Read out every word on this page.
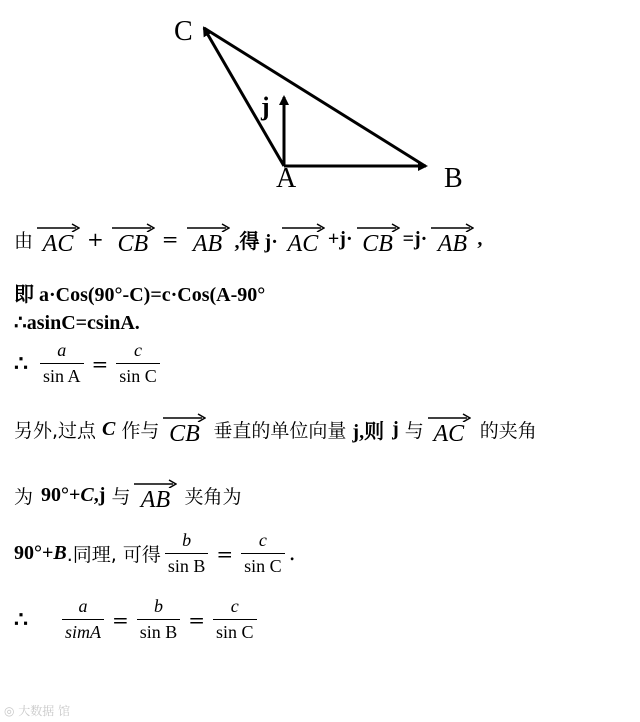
C
j
A	B
由 AC + CB = AB ,得 j· AC +j· CB =j· AB ,
即 a·Cos(90°-C)=c·Cos(A-90°
∴asinC=csinA.
∴ $\frac{a}{\text{sin A}} = \frac{c}{\text{sin C}}$
另外,过点 C 作与 CB 垂直的单位向量 j,则 j 与 AC 的夹角
为 90°+ C ,j 与 AB 夹角为
90°+ B .同理, 可得 $\frac{b}{\text{sin B}} = \frac{c}{\text{sin C}}$ .
∴ $\frac{a}{\text{simA}} = \frac{b}{\text{sin B}} = \frac{c}{\text{sin C}}$
◎ 大数据 馆
